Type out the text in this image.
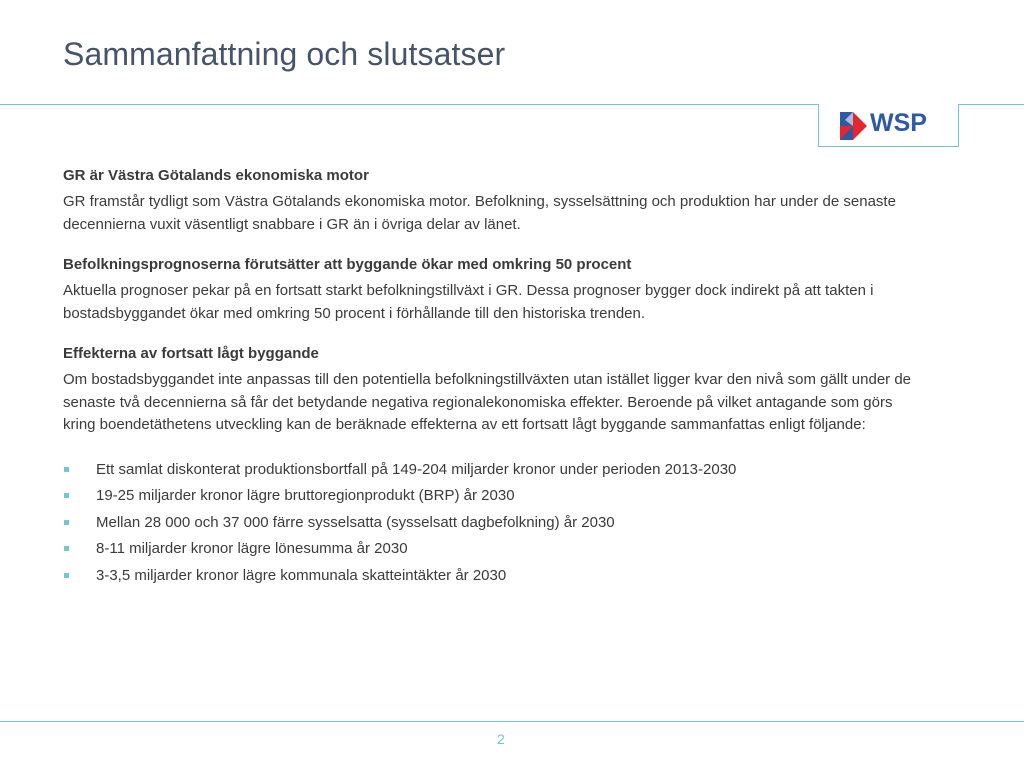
Sammanfattning och slutsatser
WSP
GR är Västra Götalands ekonomiska motor
GR framstår tydligt som Västra Götalands ekonomiska motor. Befolkning, sysselsättning och produktion har under de senaste decennierna vuxit väsentligt snabbare i GR än i övriga delar av länet.
Befolkningsprognoserna förutsätter att byggande ökar med omkring 50 procent
Aktuella prognoser pekar på en fortsatt starkt befolkningstillväxt i GR. Dessa prognoser bygger dock indirekt på att takten i bostadsbyggandet ökar med omkring 50 procent i förhållande till den historiska trenden.
Effekterna av fortsatt lågt byggande
Om bostadsbyggandet inte anpassas till den potentiella befolkningstillväxten utan istället ligger kvar den nivå som gällt under de senaste två decennierna så får det betydande negativa regionalekonomiska effekter. Beroende på vilket antagande som görs kring boendetäthetens utveckling kan de beräknade effekterna av ett fortsatt lågt byggande sammanfattas enligt följande:
Ett samlat diskonterat produktionsbortfall på 149-204 miljarder kronor under perioden 2013-2030
19-25 miljarder kronor lägre bruttoregionprodukt (BRP) år 2030
Mellan 28 000 och 37 000 färre sysselsatta (sysselsatt dagbefolkning) år 2030
8-11 miljarder kronor lägre lönesumma år 2030
3-3,5 miljarder kronor lägre kommunala skatteintäkter år 2030
2
